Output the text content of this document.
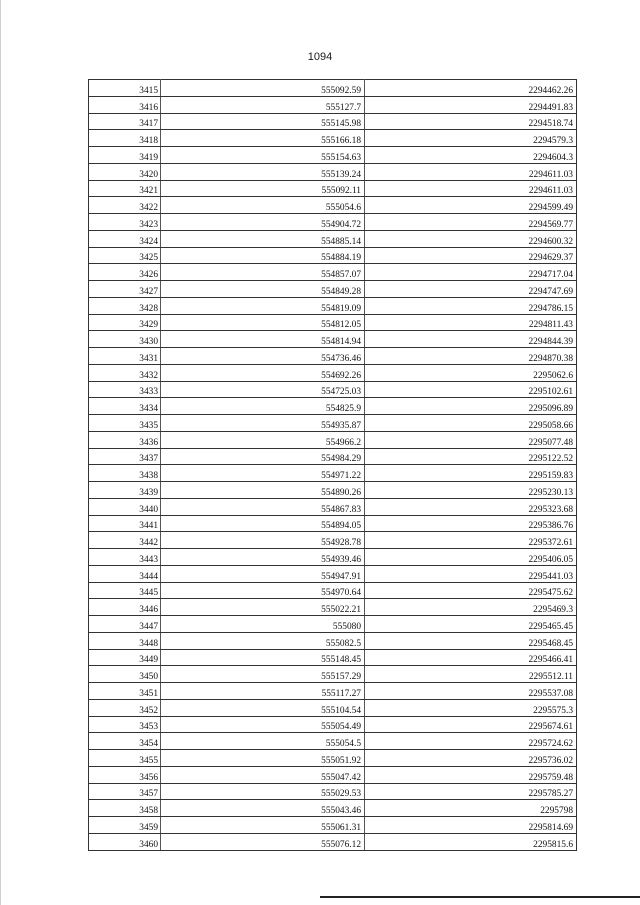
1094
3415	555092.59	2294462.26
3416	555127.7	2294491.83
3417	555145.98	2294518.74
3418	555166.18	2294579.3
3419	555154.63	2294604.3
3420	555139.24	2294611.03
3421	555092.11	2294611.03
3422	555054.6	2294599.49
3423	554904.72	2294569.77
3424	554885.14	2294600.32
3425	554884.19	2294629.37
3426	554857.07	2294717.04
3427	554849.28	2294747.69
3428	554819.09	2294786.15
3429	554812.05	2294811.43
3430	554814.94	2294844.39
3431	554736.46	2294870.38
3432	554692.26	2295062.6
3433	554725.03	2295102.61
3434	554825.9	2295096.89
3435	554935.87	2295058.66
3436	554966.2	2295077.48
3437	554984.29	2295122.52
3438	554971.22	2295159.83
3439	554890.26	2295230.13
3440	554867.83	2295323.68
3441	554894.05	2295386.76
3442	554928.78	2295372.61
3443	554939.46	2295406.05
3444	554947.91	2295441.03
3445	554970.64	2295475.62
3446	555022.21	2295469.3
3447	555080	2295465.45
3448	555082.5	2295468.45
3449	555148.45	2295466.41
3450	555157.29	2295512.11
3451	555117.27	2295537.08
3452	555104.54	2295575.3
3453	555054.49	2295674.61
3454	555054.5	2295724.62
3455	555051.92	2295736.02
3456	555047.42	2295759.48
3457	555029.53	2295785.27
3458	555043.46	2295798
3459	555061.31	2295814.69
3460	555076.12	2295815.6
